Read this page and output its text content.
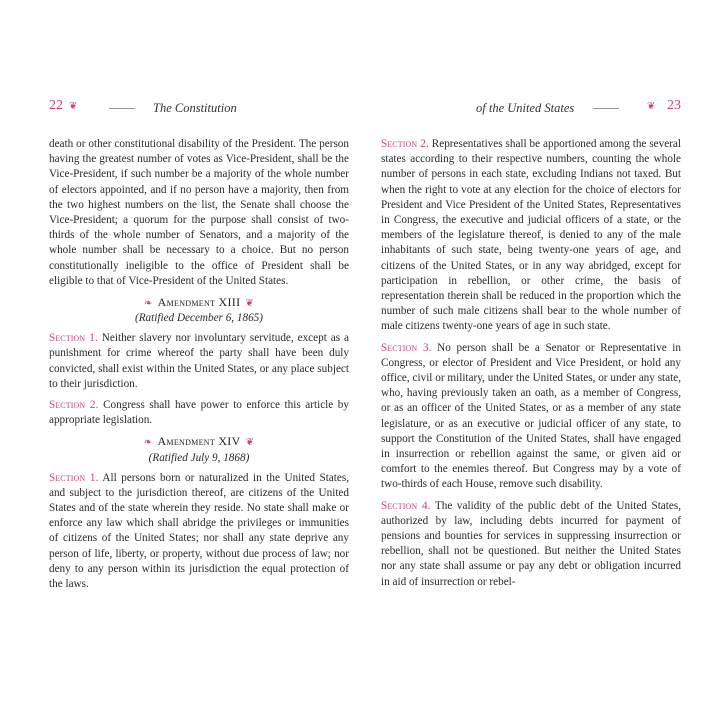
22 ❦	The Constitution

death or other constitutional disability of the President. The person having the greatest number of votes as Vice-President, shall be the Vice-President, if such number be a majority of the whole number of electors appointed, and if no person have a majority, then from the two highest numbers on the list, the Senate shall choose the Vice-President; a quorum for the purpose shall consist of two-thirds of the whole number of Senators, and a majority of the whole number shall be necessary to a choice. But no person constitutionally ineligible to the office of President shall be eligible to that of Vice-President of the United States.

❧ Amendment XIII ❦
(Ratified December 6, 1865)

Section 1. Neither slavery nor involuntary servitude, except as a punishment for crime whereof the party shall have been duly convicted, shall exist within the United States, or any place subject to their jurisdiction.

Section 2. Congress shall have power to enforce this article by appropriate legislation.

❧ Amendment XIV ❦
(Ratified July 9, 1868)

Section 1. All persons born or naturalized in the United States, and subject to the jurisdiction thereof, are citizens of the United States and of the state wherein they reside. No state shall make or enforce any law which shall abridge the privileges or immunities of citizens of the United States; nor shall any state deprive any person of life, liberty, or property, without due process of law; nor deny to any person within its jurisdiction the equal protection of the laws.

of the United States	❦ 23

Section 2. Representatives shall be apportioned among the several states according to their respective numbers, counting the whole number of persons in each state, excluding Indians not taxed. But when the right to vote at any election for the choice of electors for President and Vice President of the United States, Representatives in Congress, the executive and judicial officers of a state, or the members of the legislature thereof, is denied to any of the male inhabitants of such state, being twenty-one years of age, and citizens of the United States, or in any way abridged, except for participation in rebellion, or other crime, the basis of representation therein shall be reduced in the proportion which the number of such male citizens shall bear to the whole number of male citizens twenty-one years of age in such state.

Section 3. No person shall be a Senator or Representative in Congress, or elector of President and Vice President, or hold any office, civil or military, under the United States, or under any state, who, having previously taken an oath, as a member of Congress, or as an officer of the United States, or as a member of any state legislature, or as an executive or judicial officer of any state, to support the Constitution of the United States, shall have engaged in insurrection or rebellion against the same, or given aid or comfort to the enemies thereof. But Congress may by a vote of two-thirds of each House, remove such disability.

Section 4. The validity of the public debt of the United States, authorized by law, including debts incurred for payment of pensions and bounties for services in suppressing insurrection or rebellion, shall not be questioned. But neither the United States nor any state shall assume or pay any debt or obligation incurred in aid of insurrection or rebel-
